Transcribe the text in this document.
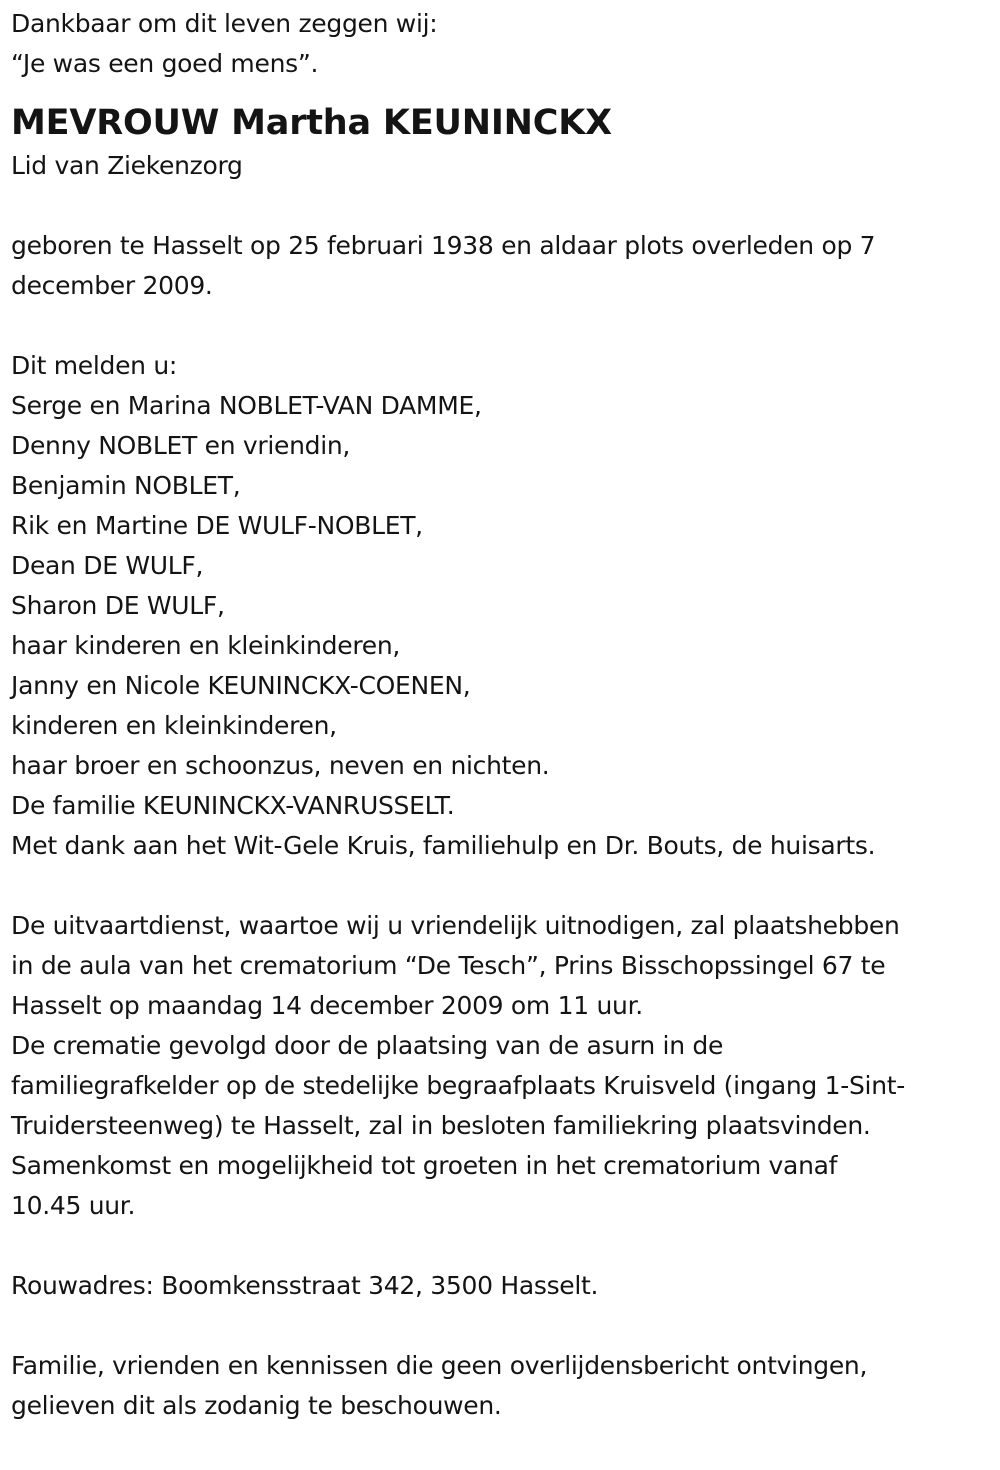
Dankbaar om dit leven zeggen wij:
“Je was een goed mens”.
MEVROUW Martha KEUNINCKX
Lid van Ziekenzorg
geboren te Hasselt op 25 februari 1938 en aldaar plots overleden op 7
december 2009.
Dit melden u:
Serge en Marina NOBLET-VAN DAMME,
Denny NOBLET en vriendin,
Benjamin NOBLET,
Rik en Martine DE WULF-NOBLET,
Dean DE WULF,
Sharon DE WULF,
haar kinderen en kleinkinderen,
Janny en Nicole KEUNINCKX-COENEN,
kinderen en kleinkinderen,
haar broer en schoonzus, neven en nichten.
De familie KEUNINCKX-VANRUSSELT.
Met dank aan het Wit-Gele Kruis, familiehulp en Dr. Bouts, de huisarts.
De uitvaartdienst, waartoe wij u vriendelijk uitnodigen, zal plaatshebben
in de aula van het crematorium “De Tesch”, Prins Bisschopssingel 67 te
Hasselt op maandag 14 december 2009 om 11 uur.
De crematie gevolgd door de plaatsing van de asurn in de
familiegrafkelder op de stedelijke begraafplaats Kruisveld (ingang 1-Sint-
Truidersteenweg) te Hasselt, zal in besloten familiekring plaatsvinden.
Samenkomst en mogelijkheid tot groeten in het crematorium vanaf
10.45 uur.
Rouwadres: Boomkensstraat 342, 3500 Hasselt.
Familie, vrienden en kennissen die geen overlijdensbericht ontvingen,
gelieven dit als zodanig te beschouwen.
